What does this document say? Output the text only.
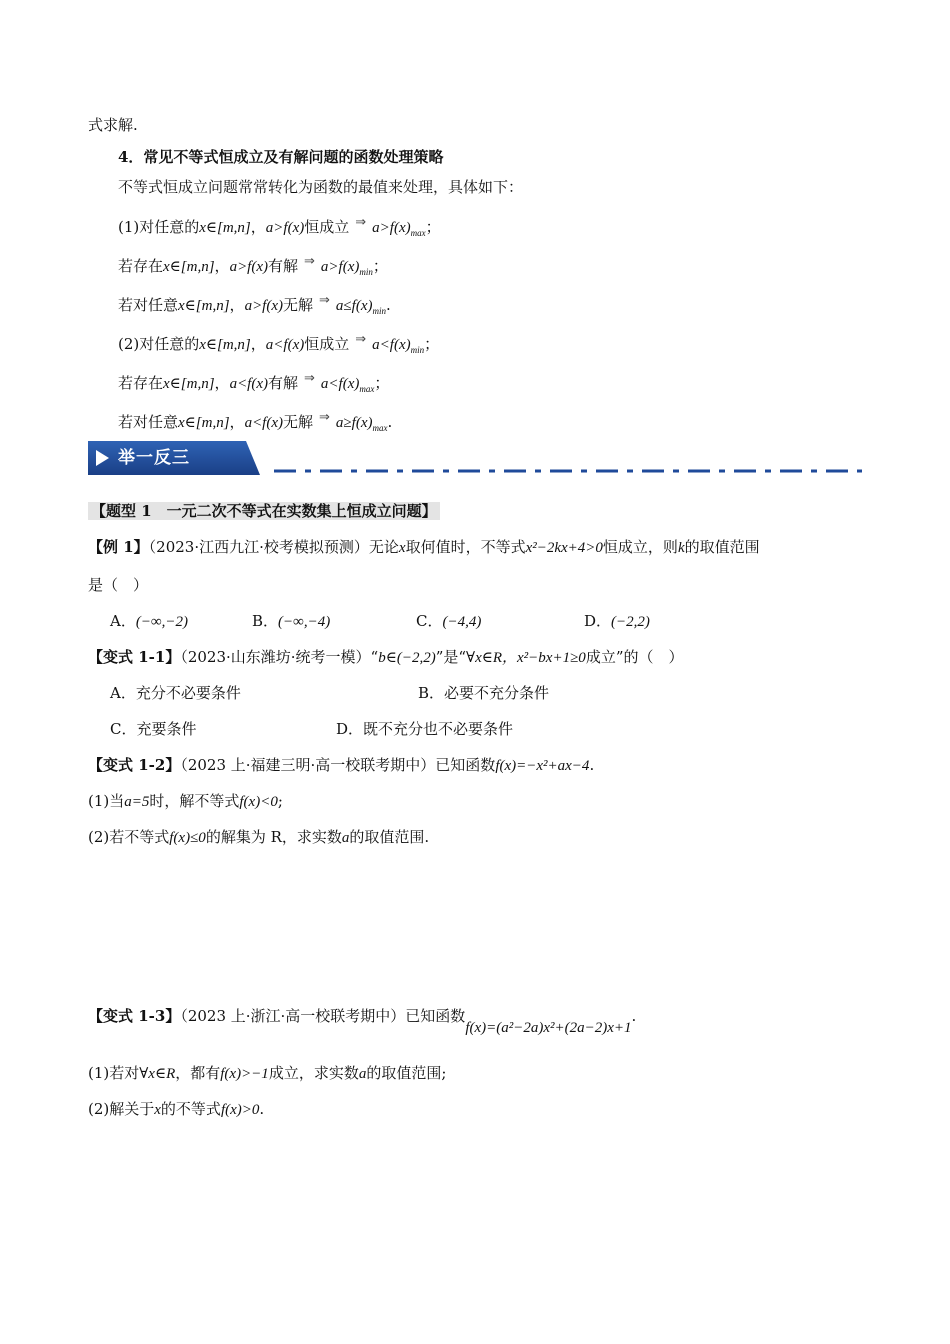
式求解.
4．常见不等式恒成立及有解问题的函数处理策略
不等式恒成立问题常常转化为函数的最值来处理，具体如下：
(1)对任意的x∈[m,n]，a>f(x)恒成立 ⇒ $a>f(x)_{max}$；
若存在x∈[m,n]，a>f(x)有解 ⇒ $a>f(x)_{min}$；
若对任意x∈[m,n]，a>f(x)无解 ⇒ $a\le f(x)_{min}$.
(2)对任意的x∈[m,n]，a<f(x)恒成立 ⇒ $a<f(x)_{min}$；
若存在x∈[m,n]，a<f(x)有解 ⇒ $a<f(x)_{max}$；
若对任意x∈[m,n]，a<f(x)无解 ⇒ $a\ge f(x)_{max}$.
举一反三
【题型 1　一元二次不等式在实数集上恒成立问题】
【例 1】（2023·江西九江·校考模拟预测）无论x取何值时，不等式x²−2kx+4>0恒成立，则k的取值范围
是（　）
A．(−∞,−2)	B．(−∞,−4)	C．(−4,4)	D．(−2,2)
【变式 1-1】（2023·山东潍坊·统考一模）“b∈(−2,2)”是“∀x∈R，x²−bx+1≥0成立”的（　）
A．充分不必要条件	B．必要不充分条件
C．充要条件	D．既不充分也不必要条件
【变式 1-2】（2023 上·福建三明·高一校联考期中）已知函数f(x)=−x²+ax−4.
(1)当a=5时，解不等式f(x)<0;
(2)若不等式f(x)≤0的解集为 R，求实数a的取值范围.
【变式 1-3】（2023 上·浙江·高一校联考期中）已知函数f(x)=(a²−2a)x²+(2a−2)x+1.
(1)若对∀x∈R，都有f(x)>−1成立，求实数a的取值范围;
(2)解关于x的不等式f(x)>0.
